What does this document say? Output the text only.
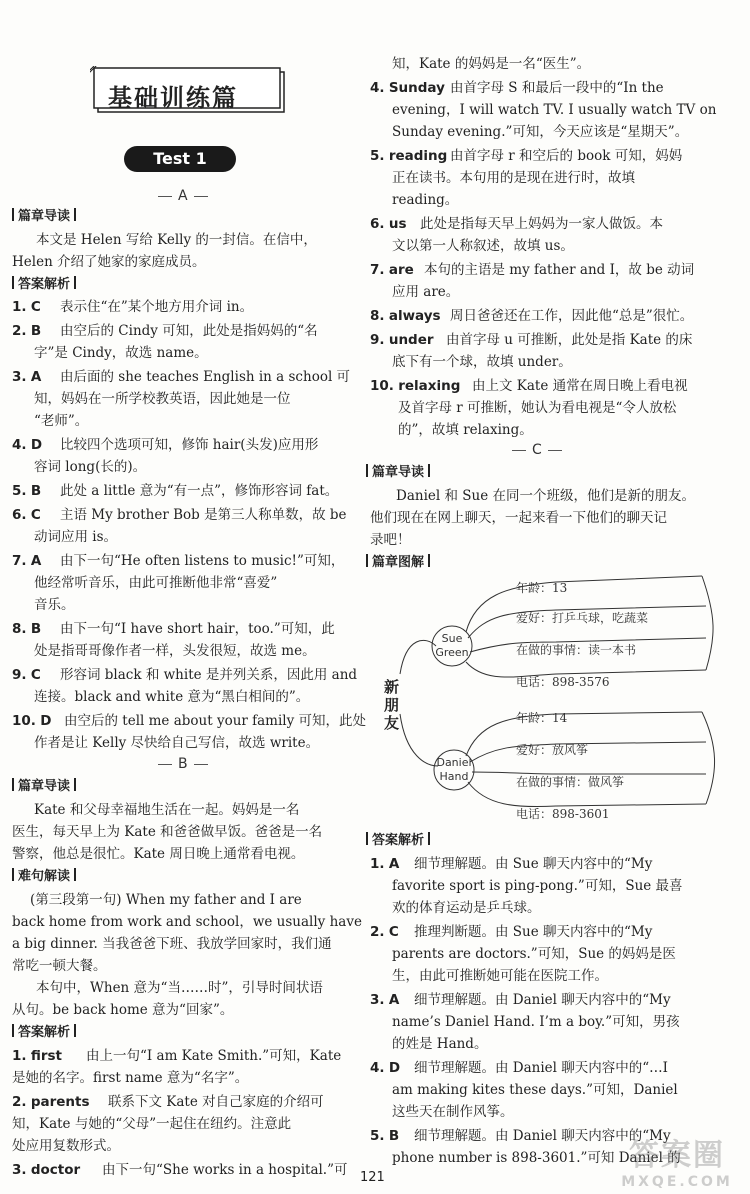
基础训练篇
Test 1
A
篇章导读
本文是 Helen 写给 Kelly 的一封信。在信中，
Helen 介绍了她家的家庭成员。
答案解析
1. C 表示住“在”某个地方用介词 in。
2. B 由空后的 Cindy 可知，此处是指妈妈的“名
字”是 Cindy，故选 name。
3. A 由后面的 she teaches English in a school 可
知，妈妈在一所学校教英语，因此她是一位
“老师”。
4. D 比较四个选项可知，修饰 hair(头发)应用形
容词 long(长的)。
5. B 此处 a little 意为“有一点”，修饰形容词 fat。
6. C 主语 My brother Bob 是第三人称单数，故 be
动词应用 is。
7. A 由下一句“He often listens to music!”可知，
他经常听音乐，由此可推断他非常“喜爱”
音乐。
8. B 由下一句“I have short hair，too.”可知，此
处是指哥哥像作者一样，头发很短，故选 me。
9. C 形容词 black 和 white 是并列关系，因此用 and
连接。black and white 意为“黑白相间的”。
10. D 由空后的 tell me about your family 可知，此处
作者是让 Kelly 尽快给自己写信，故选 write。
B
篇章导读
Kate 和父母幸福地生活在一起。妈妈是一名
医生，每天早上为 Kate 和爸爸做早饭。爸爸是一名
警察，他总是很忙。Kate 周日晚上通常看电视。
难句解读
(第三段第一句) When my father and I are
back home from work and school，we usually have
a big dinner. 当我爸爸下班、我放学回家时，我们通
常吃一顿大餐。
本句中，When 意为“当……时”，引导时间状语
从句。be back home 意为“回家”。
答案解析
1. first 由上一句“I am Kate Smith.”可知，Kate
是她的名字。first name 意为“名字”。
2. parents 联系下文 Kate 对自己家庭的介绍可
知，Kate 与她的“父母”一起住在纽约。注意此
处应用复数形式。
3. doctor 由下一句“She works in a hospital.”可
知，Kate 的妈妈是一名“医生”。
4. Sunday 由首字母 S 和最后一段中的“In the
evening，I will watch TV. I usually watch TV on
Sunday evening.”可知，今天应该是“星期天”。
5. reading 由首字母 r 和空后的 book 可知，妈妈
正在读书。本句用的是现在进行时，故填
reading。
6. us 此处是指每天早上妈妈为一家人做饭。本
文以第一人称叙述，故填 us。
7. are 本句的主语是 my father and I，故 be 动词
应用 are。
8. always 周日爸爸还在工作，因此他“总是”很忙。
9. under 由首字母 u 可推断，此处是指 Kate 的床
底下有一个球，故填 under。
10. relaxing 由上文 Kate 通常在周日晚上看电视
及首字母 r 可推断，她认为看电视是“令人放松
的”，故填 relaxing。
C
篇章导读
Daniel 和 Sue 在同一个班级，他们是新的朋友。
他们现在在网上聊天，一起来看一下他们的聊天记
录吧！
篇章图解
Sue
Green
Daniel
Hand
新
朋
友
年龄：13
爱好：打乒乓球，吃蔬菜
在做的事情：读一本书
电话：898-3576
年龄：14
爱好：放风筝
在做的事情：做风筝
电话：898-3601
答案解析
1. A 细节理解题。由 Sue 聊天内容中的“My
favorite sport is ping-pong.”可知，Sue 最喜
欢的体育运动是乒乓球。
2. C 推理判断题。由 Sue 聊天内容中的“My
parents are doctors.”可知，Sue 的妈妈是医
生，由此可推断她可能在医院工作。
3. A 细节理解题。由 Daniel 聊天内容中的“My
name’s Daniel Hand. I’m a boy.”可知，男孩
的姓是 Hand。
4. D 细节理解题。由 Daniel 聊天内容中的“…I
am making kites these days.”可知，Daniel
这些天在制作风筝。
5. B 细节理解题。由 Daniel 聊天内容中的“My
phone number is 898-3601.”可知 Daniel 的
121
答案圈
MXQE.COM
